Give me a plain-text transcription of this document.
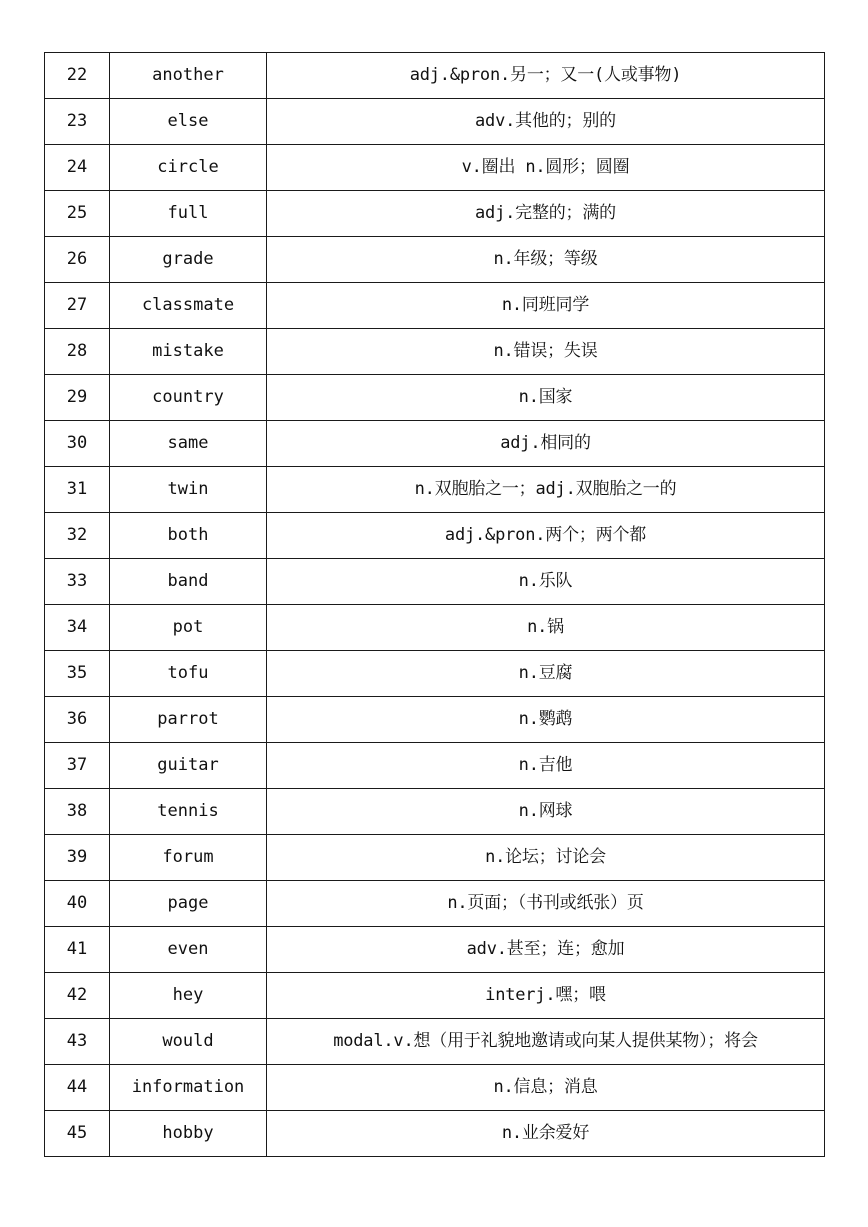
22	another	adj.&pron.另一；又一(人或事物)
23	else	adv.其他的；别的
24	circle	v.圈出 n.圆形；圆圈
25	full	adj.完整的；满的
26	grade	n.年级；等级
27	classmate	n.同班同学
28	mistake	n.错误；失误
29	country	n.国家
30	same	adj.相同的
31	twin	n.双胞胎之一；adj.双胞胎之一的
32	both	adj.&pron.两个；两个都
33	band	n.乐队
34	pot	n.锅
35	tofu	n.豆腐
36	parrot	n.鹦鹉
37	guitar	n.吉他
38	tennis	n.网球
39	forum	n.论坛；讨论会
40	page	n.页面；（书刊或纸张）页
41	even	adv.甚至；连；愈加
42	hey	interj.嘿；喂
43	would	modal.v.想（用于礼貌地邀请或向某人提供某物）；将会
44	information	n.信息；消息
45	hobby	n.业余爱好
